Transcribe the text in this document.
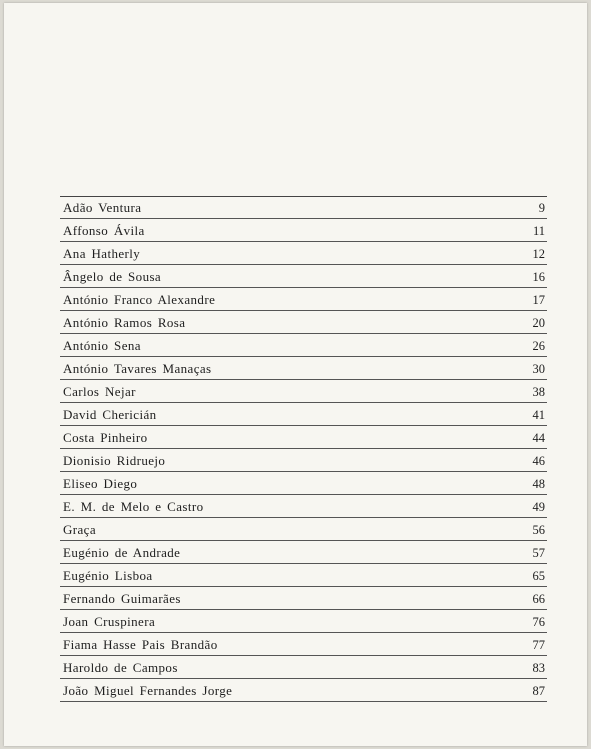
Adão Ventura	9
Affonso Ávila	11
Ana Hatherly	12
Ângelo de Sousa	16
António Franco Alexandre	17
António Ramos Rosa	20
António Sena	26
António Tavares Manaças	30
Carlos Nejar	38
David Chericián	41
Costa Pinheiro	44
Dionisio Ridruejo	46
Eliseo Diego	48
E. M. de Melo e Castro	49
Graça	56
Eugénio de Andrade	57
Eugénio Lisboa	65
Fernando Guimarães	66
Joan Cruspinera	76
Fiama Hasse Pais Brandão	77
Haroldo de Campos	83
João Miguel Fernandes Jorge	87
